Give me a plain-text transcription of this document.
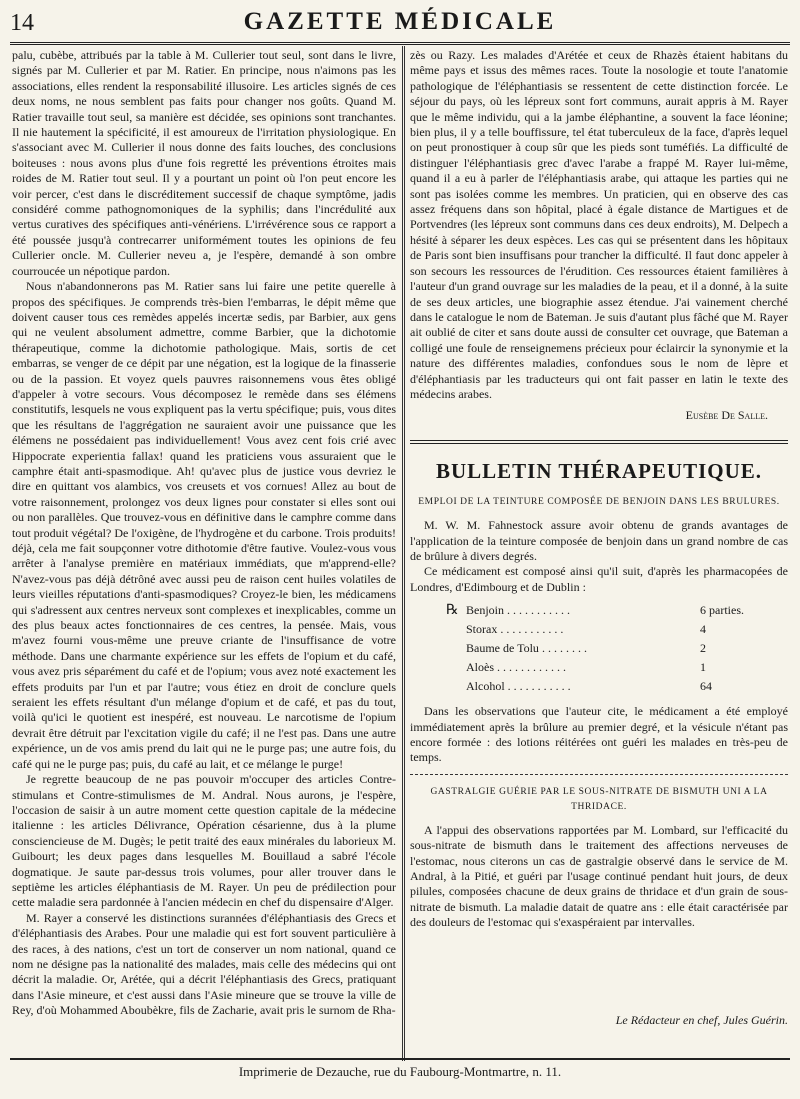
14	GAZETTE MÉDICALE

palu, cubèbe, attribués par la table à M. Cullerier tout seul, sont dans le livre, signés par M. Cullerier et par M. Ratier. En principe, nous n'aimons pas les associations, elles rendent la responsabilité illusoire. Les articles signés de ces deux noms, ne nous semblent pas faits pour changer nos goûts. Quand M. Ratier travaille tout seul, sa manière est décidée, ses opinions sont tranchantes. Il nie hautement la spécificité, il est amoureux de l'irritation physiologique. En s'associant avec M. Cullerier il nous donne des faits louches, des conclusions boiteuses : nous avons plus d'une fois regretté les préventions étroites mais roides de M. Ratier tout seul. Il y a pourtant un point où l'on peut encore les voir percer, c'est dans le discréditement successif de chaque symptôme, jadis considéré comme pathognomoniques de la syphilis; dans l'incrédulité aux vertus curatives des spécifiques anti-vénériens. L'irrévérence sous ce rapport a été poussée jusqu'à contrecarrer uniformément toutes les opinions de feu Cullerier oncle. M. Cullerier neveu a, je l'espère, demandé à son ombre courroucée un népotique pardon.

Nous n'abandonnerons pas M. Ratier sans lui faire une petite querelle à propos des spécifiques. Je comprends très-bien l'embarras, le dépit même que doivent causer tous ces remèdes appelés incertæ sedis, par Barbier, aux gens qui ne veulent absolument admettre, comme Barbier, que la dichotomie thérapeutique, comme la dichotomie pathologique. Mais, sortis de cet embarras, se venger de ce dépit par une négation, est la logique de la finasserie ou de la passion. Et voyez quels pauvres raisonnemens vous êtes obligé d'appeler à votre secours. Vous décomposez le remède dans ses élémens constitutifs, lesquels ne vous expliquent pas la vertu spécifique; puis, vous dites que les résultans de l'aggrégation ne sauraient avoir une puissance que les élémens ne possédaient pas individuellement! Vous avez cent fois crié avec Hippocrate experientia fallax! quand les praticiens vous assuraient que le camphre était anti-spasmodique. Ah! qu'avec plus de justice vous devriez le dire en quittant vos alambics, vos creusets et vos cornues! Allez au bout de votre raisonnement, prolongez vos deux lignes pour constater si elles sont oui ou non parallèles. Que trouvez-vous en définitive dans le camphre comme dans tout produit végétal? De l'oxigène, de l'hydrogène et du carbone. Trois produits! déjà, cela me fait soupçonner votre dithotomie d'être fautive. Voulez-vous vous arrêter à l'analyse première en matériaux immédiats, que m'apprend-elle? N'avez-vous pas déjà détrôné avec aussi peu de raison cent huiles volatiles de leurs vieilles réputations d'anti-spasmodiques? Croyez-le bien, les médicamens qui s'adressent aux centres nerveux sont complexes et inexplicables, comme un des plus beaux actes fonctionnaires de ces centres, la pensée. Mais, vous m'avez fourni vous-même une preuve criante de l'insuffisance de votre méthode. Dans une charmante expérience sur les effets de l'opium et du café, vous avez pris séparément du café et de l'opium; vous avez noté exactement les effets produits par l'un et par l'autre; vous étiez en droit de conclure quels seraient les effets résultant d'un mélange d'opium et de café, et pas du tout, voilà qu'ici le quotient est inespéré, est nouveau. Le narcotisme de l'opium devrait être détruit par l'excitation vigile du café; il ne l'est pas. Dans une autre expérience, un de vos amis prend du lait qui ne le purge pas; une autre fois, du café qui ne le purge pas; puis, du café au lait, et ce mélange le purge!

Je regrette beaucoup de ne pas pouvoir m'occuper des articles Contre-stimulans et Contre-stimulismes de M. Andral. Nous aurons, je l'espère, l'occasion de saisir à un autre moment cette question capitale de la médecine italienne : les articles Délivrance, Opération césarienne, dus à la plume consciencieuse de M. Dugès; le petit traité des eaux minérales du laborieux M. Guibourt; les deux pages dans lesquelles M. Bouillaud a sabré l'école dogmatique. Je saute par-dessus trois volumes, pour aller trouver dans le septième les articles éléphantiasis de M. Rayer. Un peu de prédilection pour cette maladie sera pardonnée à l'ancien médecin en chef du dispensaire d'Alger.

M. Rayer a conservé les distinctions surannées d'éléphantiasis des Grecs et d'éléphantiasis des Arabes. Pour une maladie qui est fort souvent particulière à des races, à des nations, c'est un tort de conserver un nom national, quand ce nom ne désigne pas la nationalité des malades, mais celle des médecins qui ont décrit la maladie. Or, Arétée, qui a décrit l'éléphantiasis des Grecs, pratiquant dans l'Asie mineure, et c'est aussi dans l'Asie mineure que se trouve la ville de Rey, d'où Mohammed Aboubèkre, fils de Zacharie, avait pris le surnom de Rha-

zès ou Razy. Les malades d'Arétée et ceux de Rhazès étaient habitans du même pays et issus des mêmes races. Toute la nosologie et toute l'anatomie pathologique de l'éléphantiasis se ressentent de cette distinction forcée. Le séjour du pays, où les lépreux sont fort communs, aurait appris à M. Rayer que le même individu, qui a la jambe éléphantine, a souvent la face léonine; bien plus, il y a telle bouffissure, tel état tuberculeux de la face, d'après lequel on peut pronostiquer à coup sûr que les pieds sont tuméfiés. La difficulté de distinguer l'éléphantiasis grec d'avec l'arabe a frappé M. Rayer lui-même, quand il a eu à parler de l'éléphantiasis arabe, qui attaque les parties qui ne sont pas isolées comme les membres. Un praticien, qui en observe des cas assez fréquens dans son hôpital, placé à égale distance de Martigues et de Portvendres (les lépreux sont communs dans ces deux endroits), M. Delpech a hésité à séparer les deux espèces. Les cas qui se présentent dans les hôpitaux de Paris sont bien insuffisans pour trancher la difficulté. Il faut donc appeler à son secours les ressources de l'érudition. Ces ressources étaient familières à l'auteur d'un grand ouvrage sur les maladies de la peau, et il a donné, à la suite de ses deux articles, une biographie assez étendue. J'ai vainement cherché dans le catalogue le nom de Bateman. Je suis d'autant plus fâché que M. Rayer ait oublié de citer et sans doute aussi de consulter cet ouvrage, que Bateman a colligé une foule de renseignemens précieux pour éclaircir la synonymie et la nature des différentes maladies, confondues sous le nom de lèpre et d'éléphantiasis par les traducteurs qui ont fait passer en latin le texte des médecins arabes.

Eusèbe De Salle.
BULLETIN THÉRAPEUTIQUE.
EMPLOI DE LA TEINTURE COMPOSÉE DE BENJOIN DANS LES BRULURES.

M. W. M. Fahnestock assure avoir obtenu de grands avantages de l'application de la teinture composée de benjoin dans un grand nombre de cas de brûlure à divers degrés.

Ce médicament est composé ainsi qu'il suit, d'après les pharmacopées de Londres, d'Edimbourg et de Dublin :

℞ Benjoin . . . . . . . . . . .	6 parties.
Storax . . . . . . . . . . .	4
Baume de Tolu . . . . . . . .	2
Aloès . . . . . . . . . . . .	1
Alcohol . . . . . . . . . . .	64

Dans les observations que l'auteur cite, le médicament a été employé immédiatement après la brûlure au premier degré, et la vésicule n'étant pas encore formée : des lotions réitérées ont guéri les malades en très-peu de temps.

GASTRALGIE GUÉRIE PAR LE SOUS-NITRATE DE BISMUTH UNI A LA THRIDACE.

A l'appui des observations rapportées par M. Lombard, sur l'efficacité du sous-nitrate de bismuth dans le traitement des affections nerveuses de l'estomac, nous citerons un cas de gastralgie observé dans le service de M. Andral, à la Pitié, et guéri par l'usage continué pendant huit jours, de deux pilules, composées chacune de deux grains de thridace et d'un grain de sous-nitrate de bismuth. La maladie datait de quatre ans : elle était caractérisée par des douleurs de l'estomac qui s'exaspéraient par intervalles.

Le Rédacteur en chef, Jules Guérin.
Imprimerie de Dezauche, rue du Faubourg-Montmartre, n. 11.
